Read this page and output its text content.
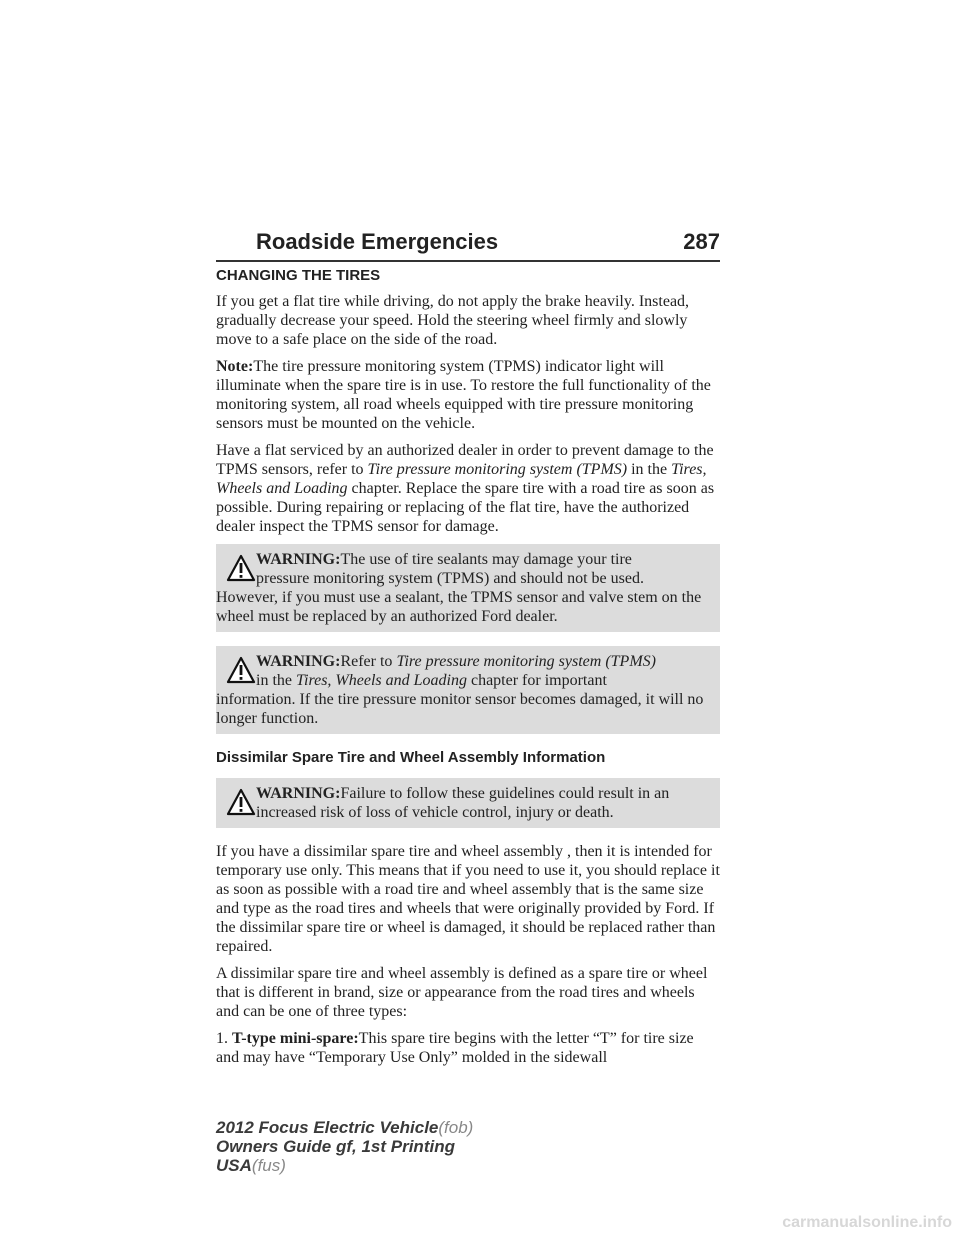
Roadside Emergencies	287
CHANGING THE TIRES

If you get a flat tire while driving, do not apply the brake heavily. Instead, gradually decrease your speed. Hold the steering wheel firmly and slowly move to a safe place on the side of the road.

Note:The tire pressure monitoring system (TPMS) indicator light will illuminate when the spare tire is in use. To restore the full functionality of the monitoring system, all road wheels equipped with tire pressure monitoring sensors must be mounted on the vehicle.

Have a flat serviced by an authorized dealer in order to prevent damage to the TPMS sensors, refer to Tire pressure monitoring system (TPMS) in the Tires, Wheels and Loading chapter. Replace the spare tire with a road tire as soon as possible. During repairing or replacing of the flat tire, have the authorized dealer inspect the TPMS sensor for damage.

WARNING:The use of tire sealants may damage your tire
pressure monitoring system (TPMS) and should not be used.
However, if you must use a sealant, the TPMS sensor and valve stem on the wheel must be replaced by an authorized Ford dealer.

WARNING:Refer to Tire pressure monitoring system (TPMS)
in the Tires, Wheels and Loading chapter for important
information. If the tire pressure monitor sensor becomes damaged, it will no longer function.

Dissimilar Spare Tire and Wheel Assembly Information

WARNING:Failure to follow these guidelines could result in an
increased risk of loss of vehicle control, injury or death.

If you have a dissimilar spare tire and wheel assembly , then it is intended for temporary use only. This means that if you need to use it, you should replace it as soon as possible with a road tire and wheel assembly that is the same size and type as the road tires and wheels that were originally provided by Ford. If the dissimilar spare tire or wheel is damaged, it should be replaced rather than repaired.

A dissimilar spare tire and wheel assembly is defined as a spare tire or wheel that is different in brand, size or appearance from the road tires and wheels and can be one of three types:

1. T-type mini-spare:This spare tire begins with the letter “T” for tire size and may have “Temporary Use Only” molded in the sidewall

2012 Focus Electric Vehicle(fob)
Owners Guide gf, 1st Printing
USA(fus)
carmanualsonline.info
